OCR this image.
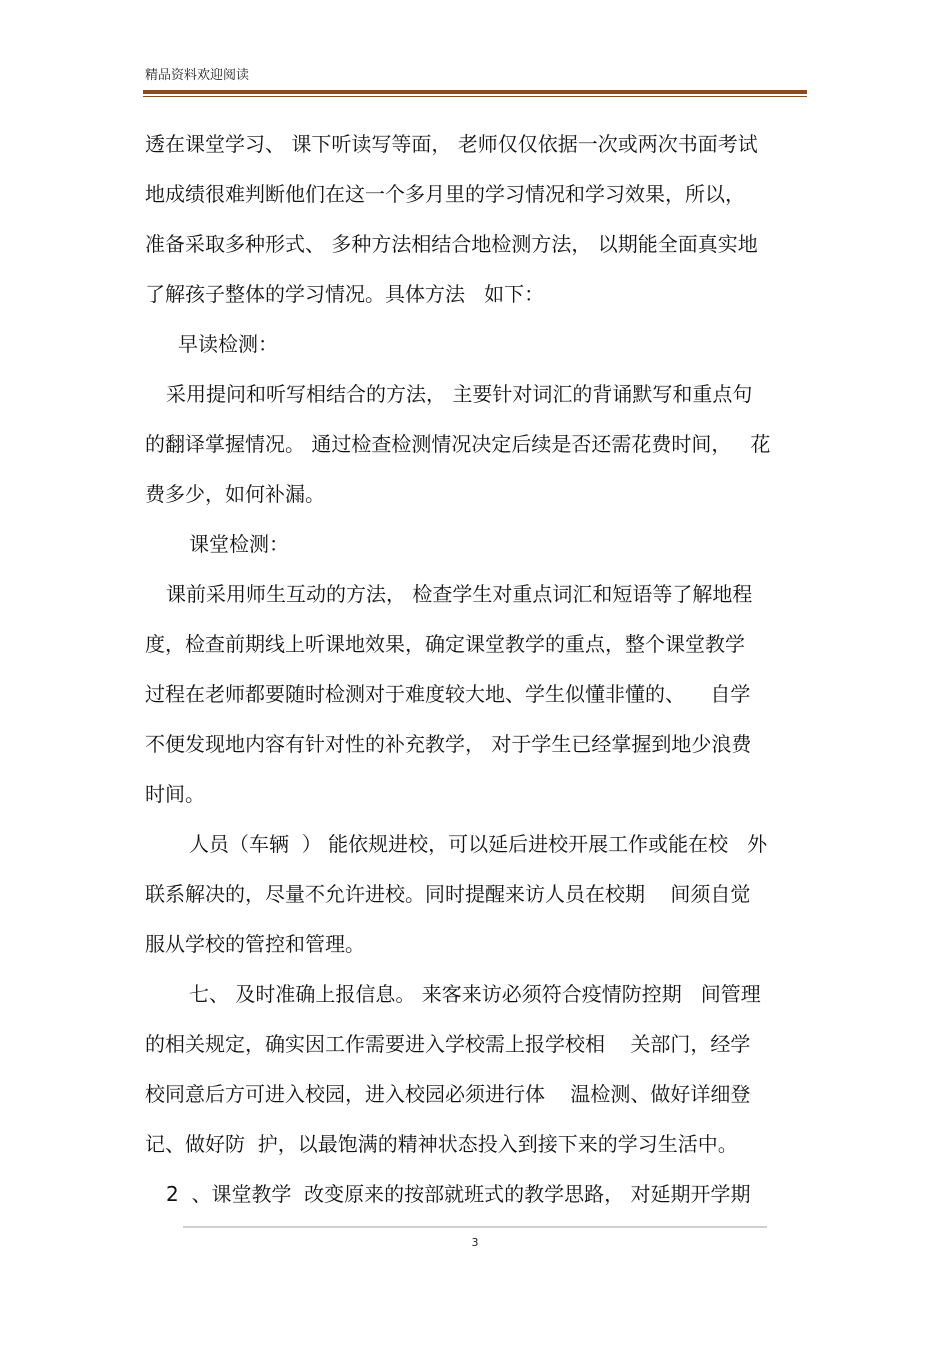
精品资料欢迎阅读
透在课堂学习、 课下听读写等面， 老师仅仅依据一次或两次书面考试
地成绩很难判断他们在这一个多月里的学习情况和学习效果，所以，
准备采取多种形式、 多种方法相结合地检测方法， 以期能全面真实地
了解孩子整体的学习情况。具体方法   如下：
早读检测：
采用提问和听写相结合的方法， 主要针对词汇的背诵默写和重点句
的翻译掌握情况。 通过检查检测情况决定后续是否还需花费时间，   花
费多少，如何补漏。
课堂检测：
课前采用师生互动的方法， 检查学生对重点词汇和短语等了解地程
度，检查前期线上听课地效果，确定课堂教学的重点，整个课堂教学
过程在老师都要随时检测对于难度较大地、学生似懂非懂的、    自学
不便发现地内容有针对性的补充教学， 对于学生已经掌握到地少浪费
时间。
人员（车辆  ） 能依规进校，可以延后进校开展工作或能在校   外
联系解决的，尽量不允许进校。同时提醒来访人员在校期    间须自觉
服从学校的管控和管理。
七、 及时准确上报信息。 来客来访必须符合疫情防控期   间管理
的相关规定，确实因工作需要进入学校需上报学校相    关部门，经学
校同意后方可进入校园，进入校园必须进行体    温检测、做好详细登
记、做好防  护，以最饱满的精神状态投入到接下来的学习生活中。
2  、课堂教学  改变原来的按部就班式的教学思路， 对延期开学期
3
